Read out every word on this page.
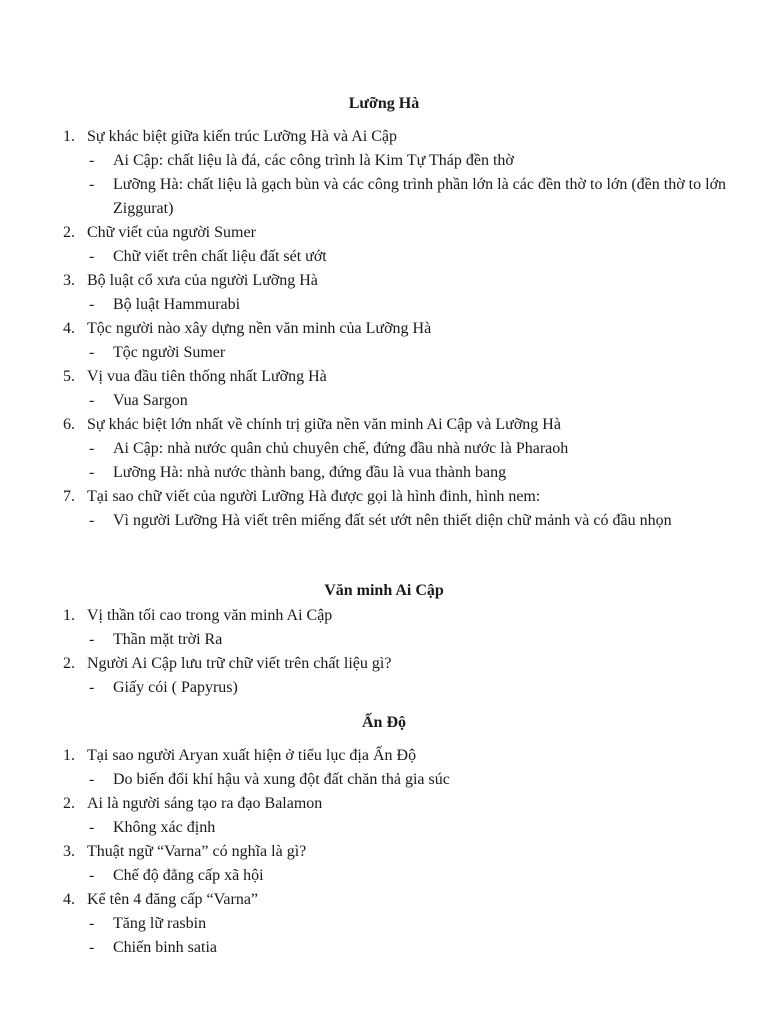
Lưỡng Hà
1. Sự khác biệt giữa kiến trúc Lưỡng Hà và Ai Cập
- Ai Cập: chất liệu là đá, các công trình là Kim Tự Tháp đền thờ
- Lưỡng Hà: chất liệu là gạch bùn và các công trình phần lớn là các đền thờ to lớn (đền thờ to lớn Ziggurat)
2. Chữ viết của người Sumer
- Chữ viết trên chất liệu đất sét ướt
3. Bộ luật cổ xưa của người Lưỡng Hà
- Bộ luật Hammurabi
4. Tộc người nào xây dựng nền văn minh của Lưỡng Hà
- Tộc người Sumer
5. Vị vua đầu tiên thống nhất Lưỡng Hà
- Vua Sargon
6. Sự khác biệt lớn nhất về chính trị giữa nền văn minh Ai Cập và Lưỡng Hà
- Ai Cập: nhà nước quân chủ chuyên chế, đứng đầu nhà nước là Pharaoh
- Lưỡng Hà: nhà nước thành bang, đứng đầu là vua thành bang
7. Tại sao chữ viết của người Lưỡng Hà được gọi là hình đinh, hình nem:
- Vì người Lưỡng Hà viết trên miếng đất sét ướt nên thiết diện chữ mảnh và có đầu nhọn
Văn minh Ai Cập
1. Vị thần tối cao trong văn minh Ai Cập
- Thần mặt trời Ra
2. Người Ai Cập lưu trữ chữ viết trên chất liệu gì?
- Giấy cói ( Papyrus)
Ấn Độ
1. Tại sao người Aryan xuất hiện ở tiểu lục địa Ấn Độ
- Do biến đổi khí hậu và xung đột đất chăn thả gia súc
2. Ai là người sáng tạo ra đạo Balamon
- Không xác định
3. Thuật ngữ “Varna” có nghĩa là gì?
- Chế độ đẳng cấp xã hội
4. Kể tên 4 đăng cấp “Varna”
- Tăng lữ rasbin
- Chiến binh satia
